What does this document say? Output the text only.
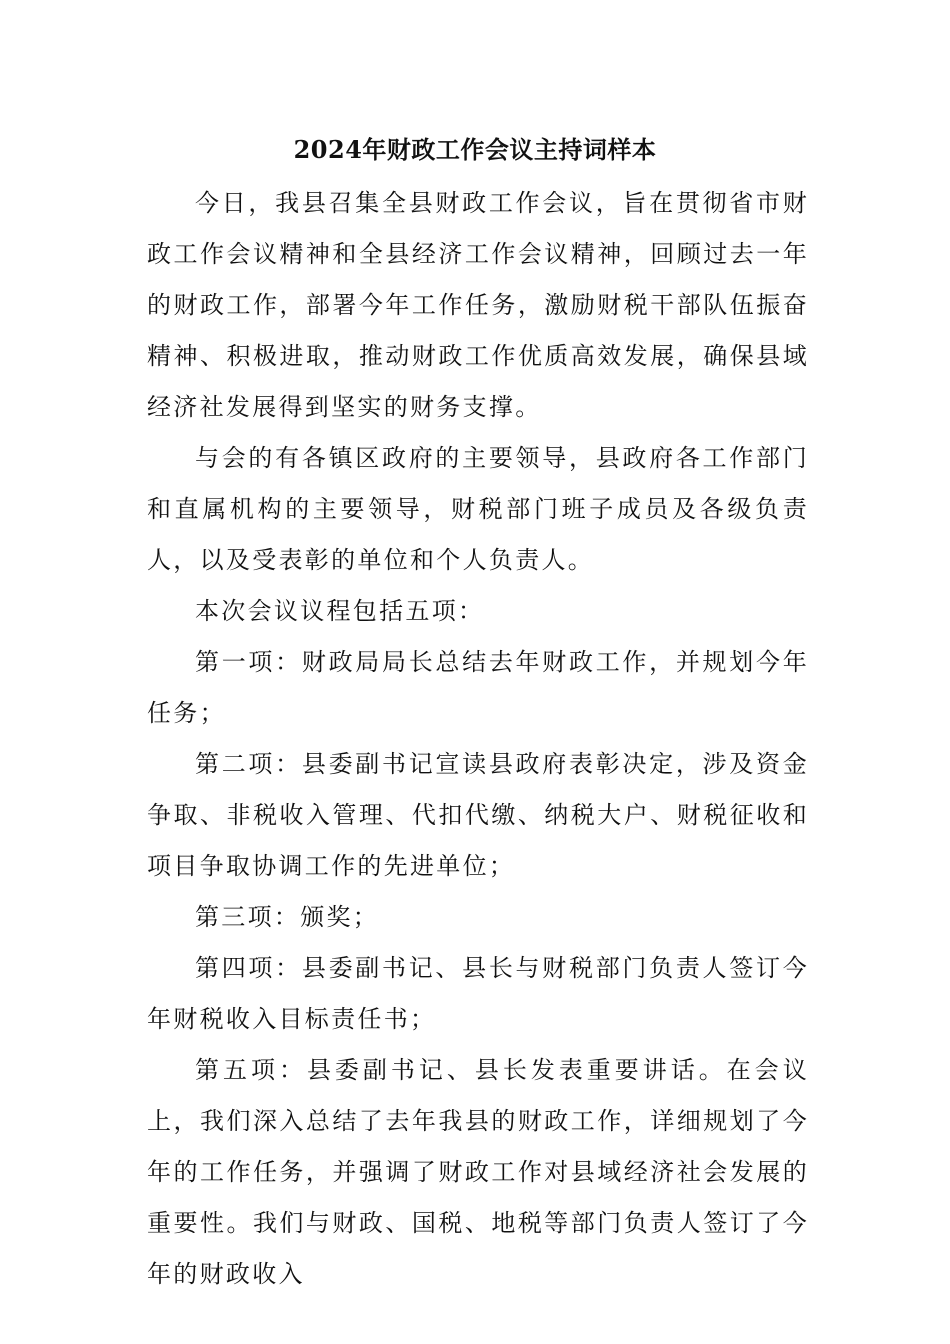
2024年财政工作会议主持词样本

今日，我县召集全县财政工作会议，旨在贯彻省市财政工作会议精神和全县经济工作会议精神，回顾过去一年的财政工作，部署今年工作任务，激励财税干部队伍振奋精神、积极进取，推动财政工作优质高效发展，确保县域经济社发展得到坚实的财务支撑。

与会的有各镇区政府的主要领导，县政府各工作部门和直属机构的主要领导，财税部门班子成员及各级负责人，以及受表彰的单位和个人负责人。

本次会议议程包括五项：

第一项：财政局局长总结去年财政工作，并规划今年任务；

第二项：县委副书记宣读县政府表彰决定，涉及资金争取、非税收入管理、代扣代缴、纳税大户、财税征收和项目争取协调工作的先进单位；

第三项：颁奖；

第四项：县委副书记、县长与财税部门负责人签订今年财税收入目标责任书；

第五项：县委副书记、县长发表重要讲话。在会议上，我们深入总结了去年我县的财政工作，详细规划了今年的工作任务，并强调了财政工作对县域经济社会发展的重要性。我们与财政、国税、地税等部门负责人签订了今年的财政收入
